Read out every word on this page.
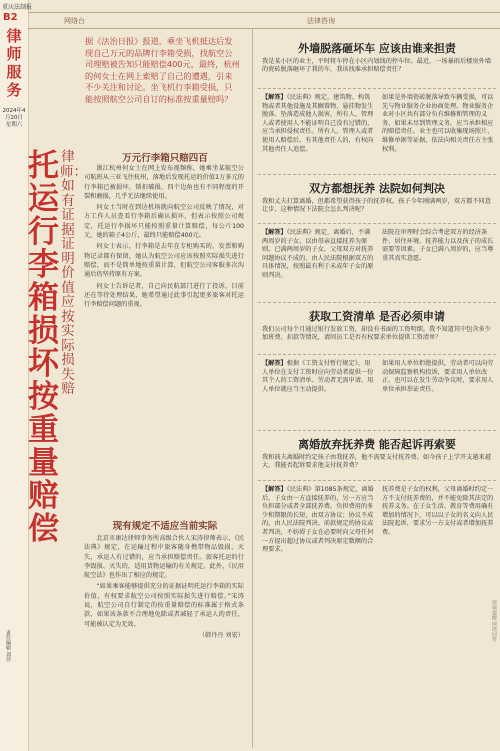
重庆法制报
B2
律师服务
2024年4月20日 星期六
责任编辑 刘佳
网络台	法律咨询
据《法治日报》报道，乘坐飞机抵达后发现自己万元的品牌行李箱受损，找航空公司理赔被告知只能赔偿400元，最终，杭州的何女士在网上索赔了自己的遭遇，引来不少关注和讨论。坐飞机行李箱受损，只能按照航空公司自订的标准按重量赔吗？
托运行李箱损坏按重量赔偿
律师：如有证据证明价值应按实际损失赔
万元行李箱只赔四百

浙江杭州何女士在网上发布视频称，她乘坐某航空公司航班从三亚飞往杭州，落地后发现托运的价值1万多元的行李箱已被损坏，锁扣破损、四个边角也有不同程度的开裂和磨损，几乎无法继续使用。

何女士当时在到达机场就向航空公司反映了情况，对方工作人员查看行李箱后确认损坏，但表示按照公司规定，托运行李损坏只能按照重量计算赔偿，每公斤100元，她的箱子4公斤，最终只能赔偿400元。

何女士表示，行李箱是去年在专柜购买的，发票和购物记录都有保留，她认为航空公司应该按照实际损失进行赔偿，而不是简单地按重量计算，但航空公司客服多次沟通后仍坚持原有方案。

何女士告诉记者，自己向民航部门进行了投诉，目前还在等待处理结果，她希望通过此事引起更多旅客对托运行李赔偿问题的重视。

现有规定不适应当前实际

北京市康达律师事务所高级合伙人宋涛律师表示，《民法典》规定，在运输过程中旅客随身携带物品毁损、灭失，承运人有过错的，应当承担赔偿责任。旅客托运的行李毁损、灭失的，适用货物运输的有关规定。此外，《民用航空法》也作出了相应的规定。

“如果乘客能够提供充分的证据证明托运行李箱的实际价值，有权要求航空公司按照实际损失进行赔偿。”宋涛说，航空公司自行制定的按重量赔偿的标准属于格式条款，如果该条款不合理地免除或者减轻了承运人的责任，可能被认定为无效。

（韩丹丹 刘宏）

外墙脱落砸坏车 应该由谁来担责
我是某小区的业主，平时将车停在小区内划线的停车位。最近，一场暴雨后楼房外墙的瓷砖脱落砸坏了我的车，我该找谁承担赔偿责任？
【解答】《民法典》规定，建筑物、构筑物或者其他设施及其搁置物、悬挂物发生脱落、坠落造成他人损害，所有人、管理人或者使用人不能证明自己没有过错的，应当承担侵权责任。所有人、管理人或者使用人赔偿后，有其他责任人的，有权向其他责任人追偿。
如果是外墙瓷砖脱落导致车辆受损，可以先与物业服务企业协商处理。物业服务企业对小区共有部分负有维修和管理的义务，如果未尽到管理义务，应当承担相应的赔偿责任。业主也可以收集现场照片、维修单据等证据，依法向相关责任方主张权利。
双方都想抚养 法院如何判决
我和丈夫打算离婚，但都希望获得孩子的抚养权。孩子今年刚满两岁，双方都不同意让步，这种情况下法院会怎么判决呢？
【解答】《民法典》规定，离婚后，不满两周岁的子女，以由母亲直接抚养为原则。已满两周岁的子女，父母双方对抚养问题协议不成的，由人民法院根据双方的具体情况，按照最有利于未成年子女的原则判决。
法院在审理时会综合考虑双方的经济条件、居住环境、抚养能力以及孩子的成长需要等因素。子女已满八周岁的，应当尊重其真实意愿。
获取工资清单 是否必须申请
我们公司每个月通过银行发放工资，却没有书面的工资明细。我不知道其中包含多少加班费、扣款等情况，请问员工是否有权要求单位提供工资清单？
【解答】根据《工资支付暂行规定》，用人单位在支付工资时应向劳动者提供一份其个人的工资清单。劳动者无需申请，用人单位就应当主动提供。
如果用人单位拒绝提供，劳动者可以向劳动保障监察机构投诉，要求用人单位改正，也可以在发生劳动争议时，要求用人单位承担举证责任。
离婚放弃抚养费 能否起诉再索要
我和前夫离婚时约定孩子由我抚养，他不需要支付抚养费。如今孩子上学开支越来越大，我能否起诉要求他支付抚养费？
【解答】《民法典》第1085条规定，离婚后，子女由一方直接抚养的，另一方应当负担部分或者全部抚养费。负担费用的多少和期限的长短，由双方协议；协议不成的，由人民法院判决。前款规定的协议或者判决，不妨碍子女在必要时向父母任何一方提出超过协议或者判决原定数额的合理要求。
抚养费是子女的权利，父母离婚时约定一方不支付抚养费的，并不能免除其法定的抚养义务。在子女生活、教育等费用确有增加的情况下，可以以子女的名义向人民法院起诉，要求另一方支付或者增加抚养费。
律师提醒 网络问答
